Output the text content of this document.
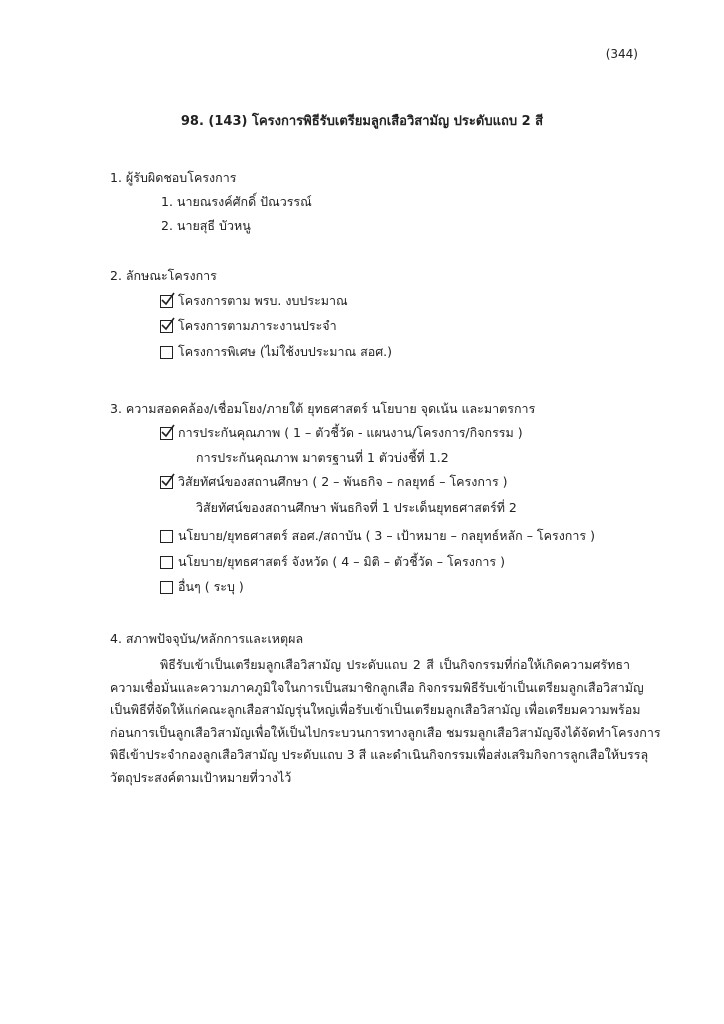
(344)
98. (143) โครงการพิธีรับเตรียมลูกเสือวิสามัญ ประดับแถบ 2 สี
1. ผู้รับผิดชอบโครงการ
1. นายณรงค์ศักดิ์ ปัณวรรณ์
2. นายสุธี บัวหนู
2. ลักษณะโครงการ
โครงการตาม พรบ. งบประมาณ
โครงการตามภาระงานประจำ
โครงการพิเศษ (ไม่ใช้งบประมาณ สอศ.)
3. ความสอดคล้อง/เชื่อมโยง/ภายใต้ ยุทธศาสตร์ นโยบาย จุดเน้น และมาตรการ
การประกันคุณภาพ ( 1 – ตัวชี้วัด - แผนงาน/โครงการ/กิจกรรม )
การประกันคุณภาพ มาตรฐานที่ 1 ตัวบ่งชี้ที่ 1.2
วิสัยทัศน์ของสถานศึกษา ( 2 – พันธกิจ – กลยุทธ์ – โครงการ )
วิสัยทัศน์ของสถานศึกษา พันธกิจที่ 1 ประเด็นยุทธศาสตร์ที่ 2
นโยบาย/ยุทธศาสตร์ สอศ./สถาบัน ( 3 – เป้าหมาย – กลยุทธ์หลัก – โครงการ )
นโยบาย/ยุทธศาสตร์ จังหวัด ( 4 – มิติ – ตัวชี้วัด – โครงการ )
อื่นๆ ( ระบุ )
4. สภาพปัจจุบัน/หลักการและเหตุผล
พิธีรับเข้าเป็นเตรียมลูกเสือวิสามัญ ประดับแถบ 2 สี เป็นกิจกรรมที่ก่อให้เกิดความศรัทธา
ความเชื่อมั่นและความภาคภูมิใจในการเป็นสมาชิกลูกเสือ กิจกรรมพิธีรับเข้าเป็นเตรียมลูกเสือวิสามัญ
เป็นพิธีที่จัดให้แก่คณะลูกเสือสามัญรุ่นใหญ่เพื่อรับเข้าเป็นเตรียมลูกเสือวิสามัญ เพื่อเตรียมความพร้อม
ก่อนการเป็นลูกเสือวิสามัญเพื่อให้เป็นไปกระบวนการทางลูกเสือ ชมรมลูกเสือวิสามัญจึงได้จัดทำโครงการ
พิธีเข้าประจำกองลูกเสือวิสามัญ ประดับแถบ 3 สี และดำเนินกิจกรรมเพื่อส่งเสริมกิจการลูกเสือให้บรรลุ
วัตถุประสงค์ตามเป้าหมายที่วางไว้
